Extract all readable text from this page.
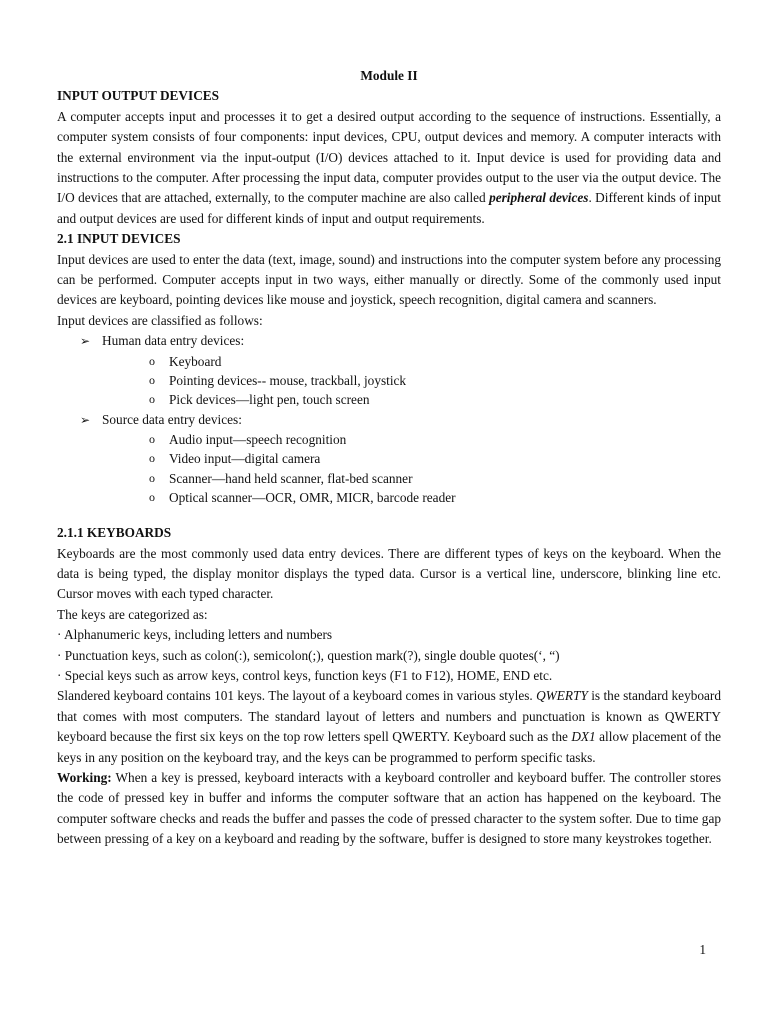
Module II

INPUT OUTPUT DEVICES

A computer accepts input and processes it to get a desired output according to the sequence of instructions. Essentially, a computer system consists of four components: input devices, CPU, output devices and memory. A computer interacts with the external environment via the input-output (I/O) devices attached to it. Input device is used for providing data and instructions to the computer. After processing the input data, computer provides output to the user via the output device. The I/O devices that are attached, externally, to the computer machine are also called peripheral devices. Different kinds of input and output devices are used for different kinds of input and output requirements.

2.1 INPUT DEVICES

Input devices are used to enter the data (text, image, sound) and instructions into the computer system before any processing can be performed. Computer accepts input in two ways, either manually or directly. Some of the commonly used input devices are keyboard, pointing devices like mouse and joystick, speech recognition, digital camera and scanners.

Input devices are classified as follows:

➢ Human data entry devices:
o Keyboard
o Pointing devices-- mouse, trackball, joystick
o Pick devices—light pen, touch screen
➢ Source data entry devices:
o Audio input—speech recognition
o Video input—digital camera
o Scanner—hand held scanner, flat-bed scanner
o Optical scanner—OCR, OMR, MICR, barcode reader
2.1.1 KEYBOARDS

Keyboards are the most commonly used data entry devices. There are different types of keys on the keyboard. When the data is being typed, the display monitor displays the typed data. Cursor is a vertical line, underscore, blinking line etc. Cursor moves with each typed character.

The keys are categorized as:

· Alphanumeric keys, including letters and numbers

· Punctuation keys, such as colon(:), semicolon(;), question mark(?), single double quotes(‘, “)

· Special keys such as arrow keys, control keys, function keys (F1 to F12), HOME, END etc.

Slandered keyboard contains 101 keys. The layout of a keyboard comes in various styles. QWERTY is the standard keyboard that comes with most computers. The standard layout of letters and numbers and punctuation is known as QWERTY keyboard because the first six keys on the top row letters spell QWERTY. Keyboard such as the DX1 allow placement of the keys in any position on the keyboard tray, and the keys can be programmed to perform specific tasks.

Working: When a key is pressed, keyboard interacts with a keyboard controller and keyboard buffer. The controller stores the code of pressed key in buffer and informs the computer software that an action has happened on the keyboard. The computer software checks and reads the buffer and passes the code of pressed character to the system softer. Due to time gap between pressing of a key on a keyboard and reading by the software, buffer is designed to store many keystrokes together.

1
